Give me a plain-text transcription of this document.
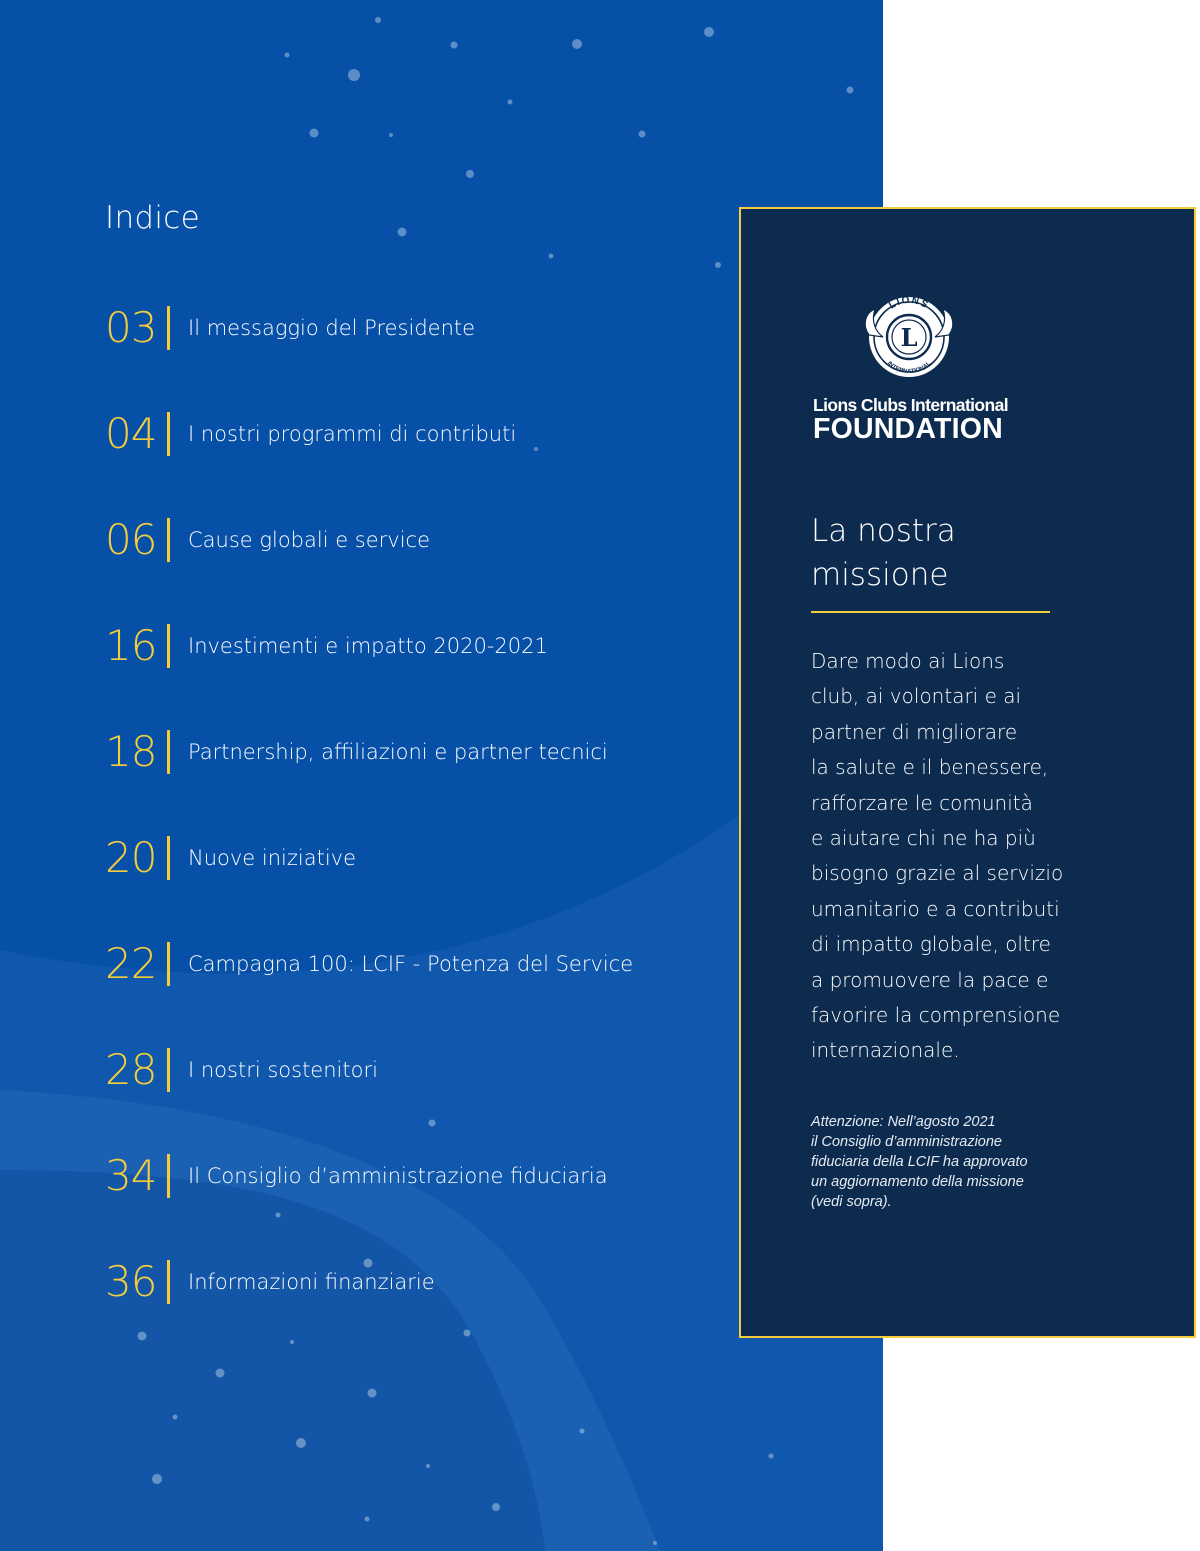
Indice
03 Il messaggio del Presidente
04 I nostri programmi di contributi
06 Cause globali e service
16 Investimenti e impatto 2020-2021
18 Partnership, affiliazioni e partner tecnici
20 Nuove iniziative
22 Campagna 100: LCIF - Potenza del Service
28 I nostri sostenitori
34 Il Consiglio d’amministrazione fiduciaria
36 Informazioni finanziarie
L
LIONS
INTERNATIONAL
Lions Clubs International
FOUNDATION
La nostra
missione
Dare modo ai Lions
club, ai volontari e ai
partner di migliorare
la salute e il benessere,
rafforzare le comunità
e aiutare chi ne ha più
bisogno grazie al servizio
umanitario e a contributi
di impatto globale, oltre
a promuovere la pace e
favorire la comprensione
internazionale.
Attenzione: Nell’agosto 2021
il Consiglio d’amministrazione
fiduciaria della LCIF ha approvato
un aggiornamento della missione
(vedi sopra).
